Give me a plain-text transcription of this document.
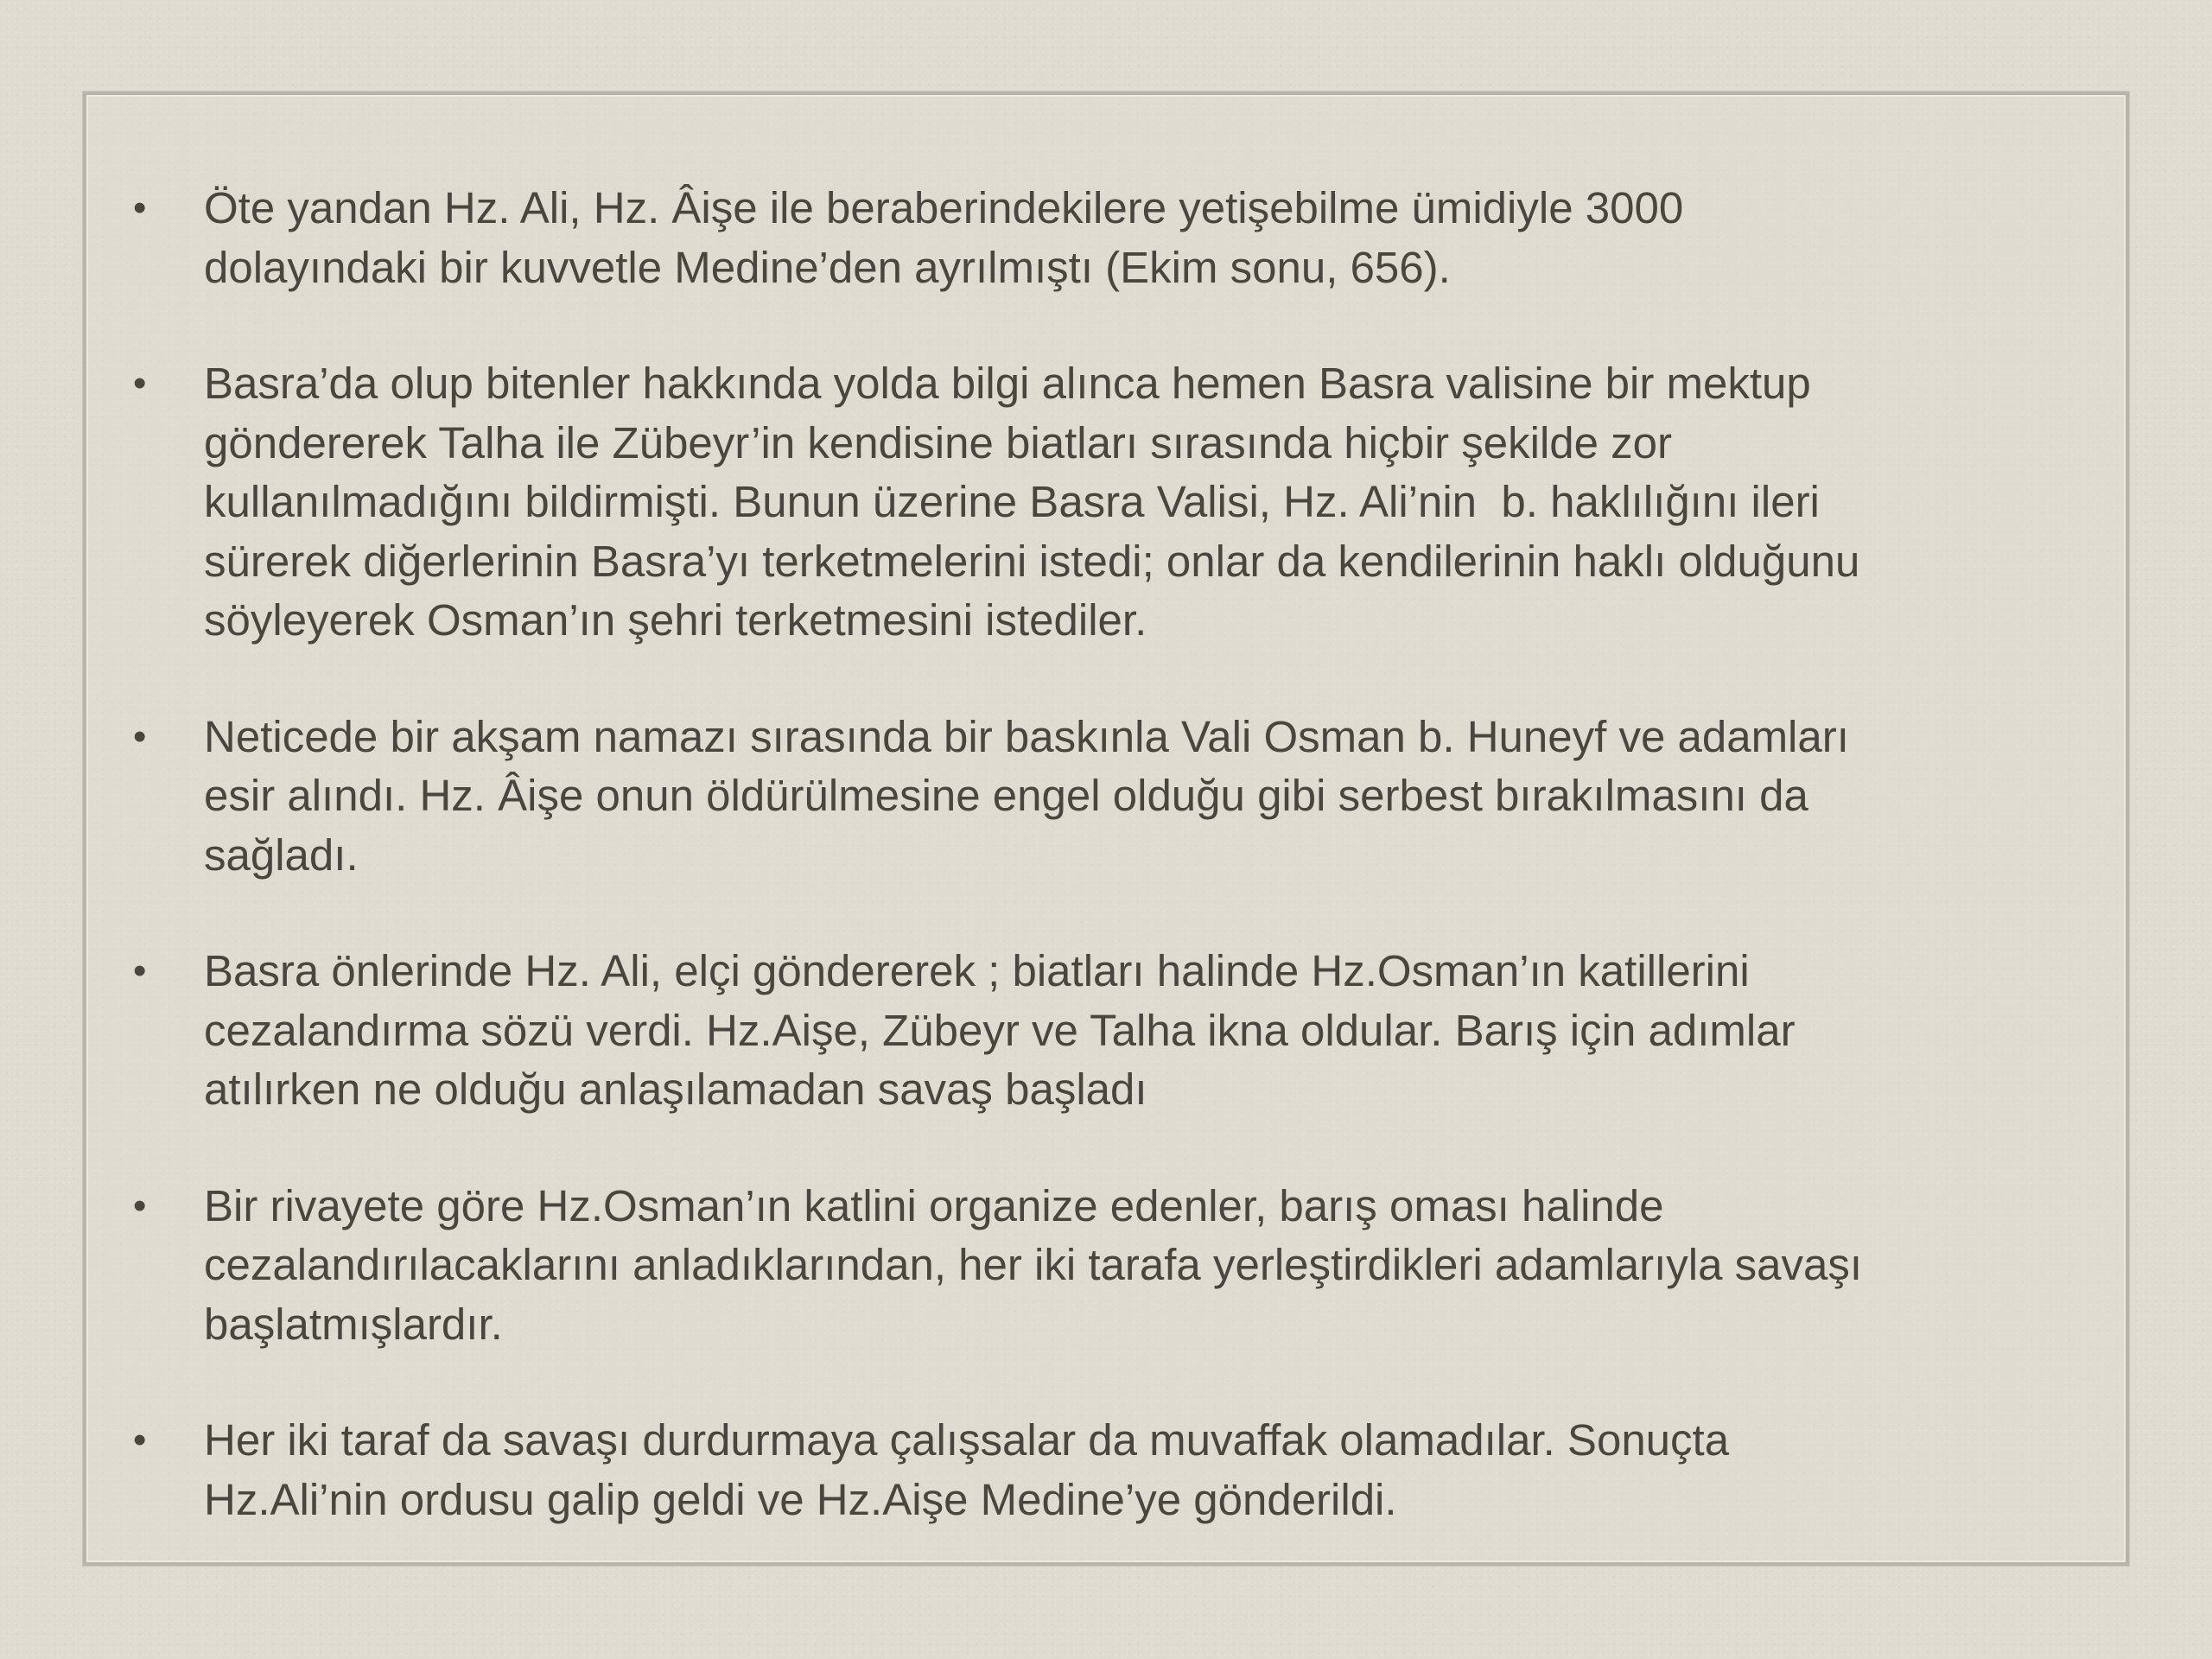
• Öte yandan Hz. Ali, Hz. Âişe ile beraberindekilere yetişebilme ümidiyle 3000
dolayındaki bir kuvvetle Medine’den ayrılmıştı (Ekim sonu, 656).
• Basra’da olup bitenler hakkında yolda bilgi alınca hemen Basra valisine bir mektup
göndererek Talha ile Zübeyr’in kendisine biatları sırasında hiçbir şekilde zor
kullanılmadığını bildirmişti. Bunun üzerine Basra Valisi, Hz. Ali’nin  b. haklılığını ileri
sürerek diğerlerinin Basra’yı terketmelerini istedi; onlar da kendilerinin haklı olduğunu
söyleyerek Osman’ın şehri terketmesini istediler.
• Neticede bir akşam namazı sırasında bir baskınla Vali Osman b. Huneyf ve adamları
esir alındı. Hz. Âişe onun öldürülmesine engel olduğu gibi serbest bırakılmasını da
sağladı.
• Basra önlerinde Hz. Ali, elçi göndererek ; biatları halinde Hz.Osman’ın katillerini
cezalandırma sözü verdi. Hz.Aişe, Zübeyr ve Talha ikna oldular. Barış için adımlar
atılırken ne olduğu anlaşılamadan savaş başladı
• Bir rivayete göre Hz.Osman’ın katlini organize edenler, barış oması halinde
cezalandırılacaklarını anladıklarından, her iki tarafa yerleştirdikleri adamlarıyla savaşı
başlatmışlardır.
• Her iki taraf da savaşı durdurmaya çalışsalar da muvaffak olamadılar. Sonuçta
Hz.Ali’nin ordusu galip geldi ve Hz.Aişe Medine’ye gönderildi.
